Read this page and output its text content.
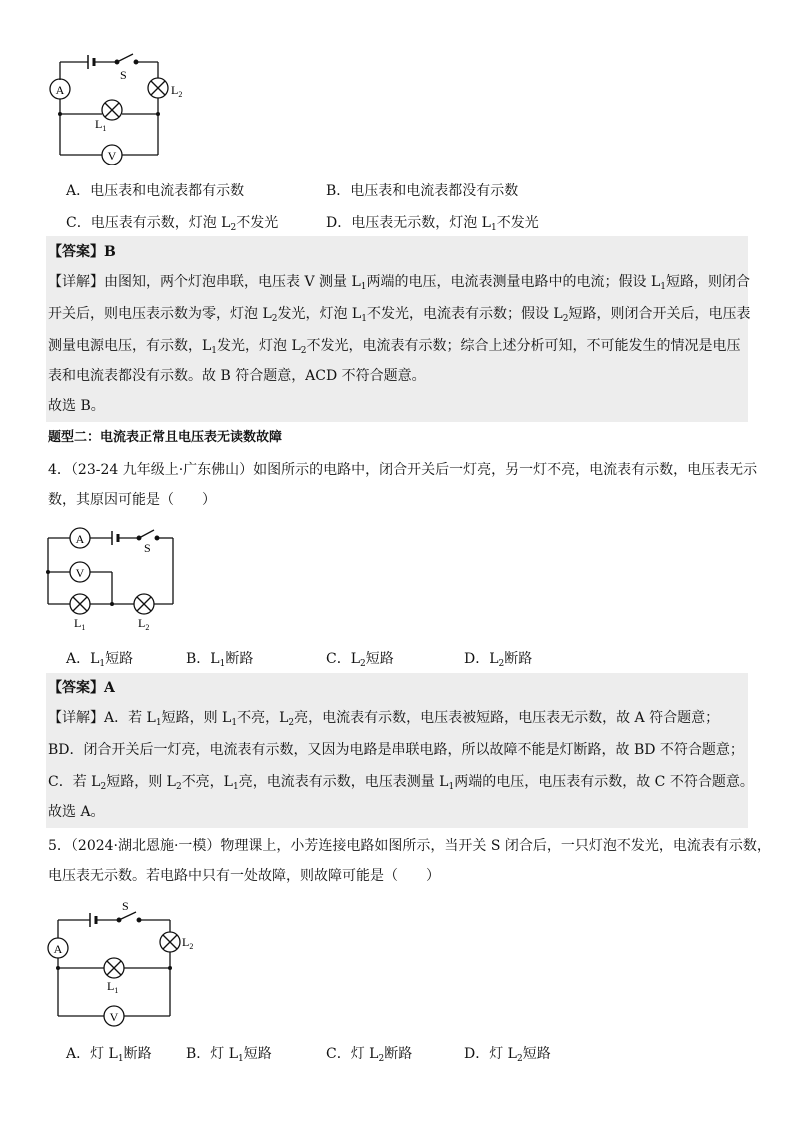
A
V
S
$L_2$
$L_1$
A．电压表和电流表都有示数	B．电压表和电流表都没有示数
C．电压表有示数，灯泡 $L_2$不发光	D．电压表无示数，灯泡 $L_1$不发光
【答案】B
【详解】由图知，两个灯泡串联，电压表 V 测量 $L_1$两端的电压，电流表测量电路中的电流；假设 $L_1$短路，则闭合
开关后，则电压表示数为零，灯泡 $L_2$发光，灯泡 $L_1$不发光，电流表有示数；假设 $L_2$短路，则闭合开关后，电压表
测量电源电压，有示数，$L_1$发光，灯泡 $L_2$不发光，电流表有示数；综合上述分析可知，不可能发生的情况是电压
表和电流表都没有示数。故 B 符合题意，ACD 不符合题意。
故选 B。
题型二：电流表正常且电压表无读数故障
4．（23-24 九年级上·广东佛山）如图所示的电路中，闭合开关后一灯亮，另一灯不亮，电流表有示数，电压表无示
数，其原因可能是（　　）
A
V
S
$L_1$	$L_2$
A．$L_1$短路	B．$L_1$断路	C．$L_2$短路	D．$L_2$断路
【答案】A
【详解】A．若 $L_1$短路，则 $L_1$不亮，$L_2$亮，电流表有示数，电压表被短路，电压表无示数，故 A 符合题意；
BD．闭合开关后一灯亮，电流表有示数，又因为电路是串联电路，所以故障不能是灯断路，故 BD 不符合题意；
C．若 $L_2$短路，则 $L_2$不亮，$L_1$亮，电流表有示数，电压表测量 $L_1$两端的电压，电压表有示数，故 C 不符合题意。
故选 A。
5．（2024·湖北恩施·一模）物理课上，小芳连接电路如图所示，当开关 S 闭合后，一只灯泡不发光，电流表有示数，
电压表无示数。若电路中只有一处故障，则故障可能是（　　）
A
V
S
$L_2$
$L_1$
A．灯 $L_1$断路 B．灯 $L_1$短路	C．灯 $L_2$断路	D．灯 $L_2$短路
